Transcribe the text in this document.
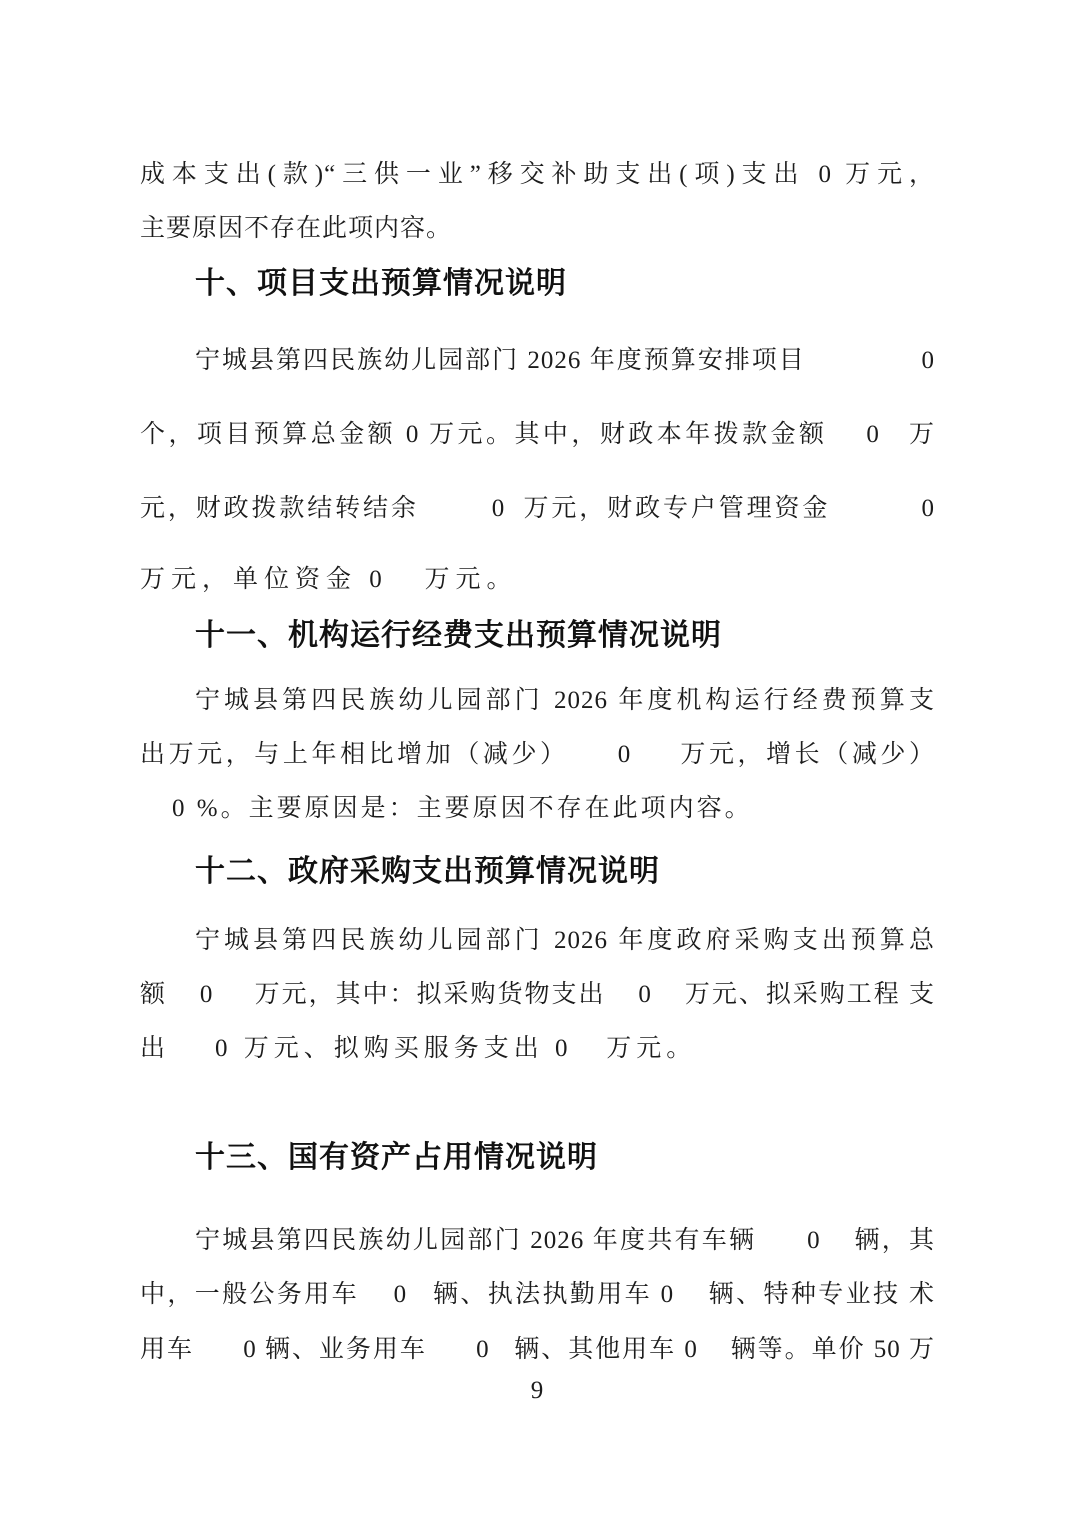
成本支出(款)“三供一业”移交补助支出(项)支出 0 万元，
主要原因不存在此项内容。
十、项目支出预算情况说明
宁城县第四民族幼儿园部门 2026 年度预算安排项目              0
个，项目预算总金额 0 万元。其中，财政本年拨款金额    0   万
元，财政拨款结转结余        0  万元，财政专户管理资金          0
万元，单位资金 0   万元。
十一、机构运行经费支出预算情况说明
宁城县第四民族幼儿园部门 2026 年度机构运行经费预算支
出万元，与上年相比增加（减少）     0     万元，增长（减少）
0 %。主要原因是：主要原因不存在此项内容。
十二、政府采购支出预算情况说明
宁城县第四民族幼儿园部门 2026 年度政府采购支出预算总
额    0     万元，其中：拟采购货物支出    0    万元、拟采购工程 支
出    0 万元、拟购买服务支出 0   万元。
十三、国有资产占用情况说明
宁城县第四民族幼儿园部门 2026 年度共有车辆      0    辆，其
中，一般公务用车    0   辆、执法执勤用车 0    辆、特种专业技 术
用车      0 辆、业务用车      0   辆、其他用车 0    辆等。单价 50 万
9
